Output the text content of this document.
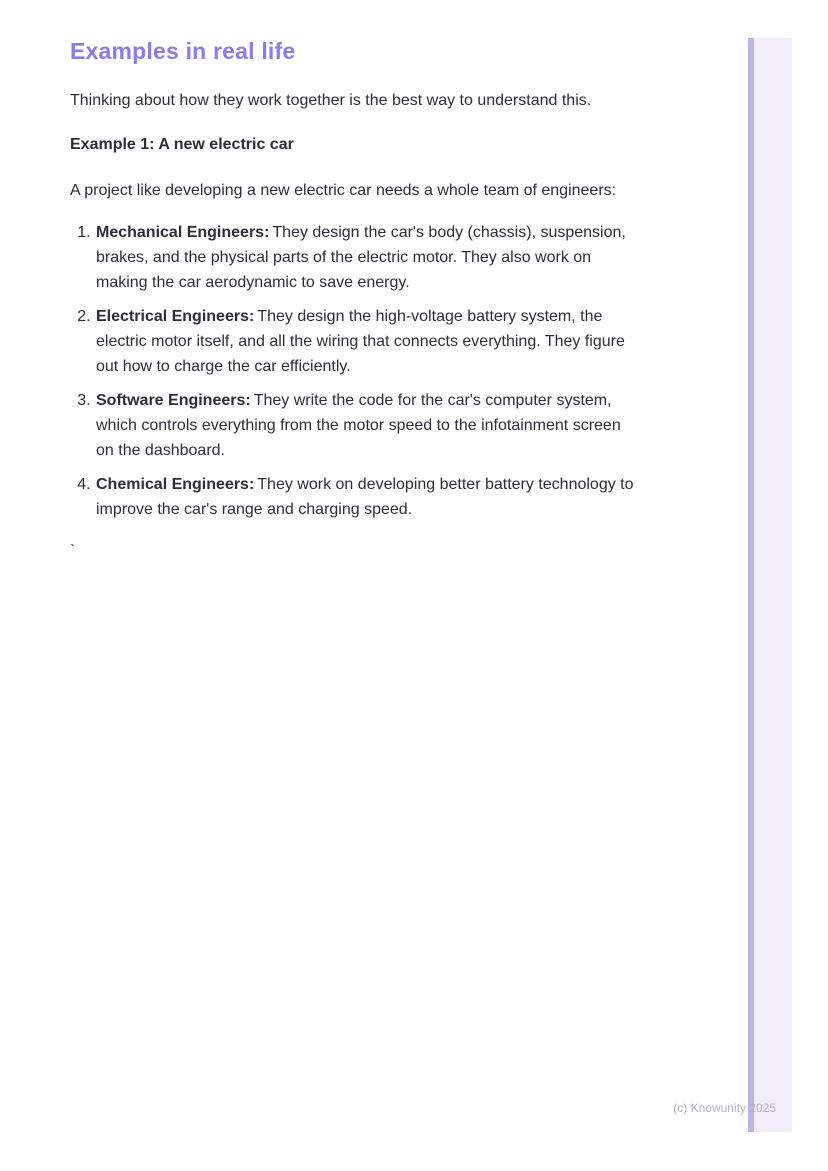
Examples in real life

Thinking about how they work together is the best way to understand this.

Example 1: A new electric car

A project like developing a new electric car needs a whole team of engineers:

1. Mechanical Engineers: They design the car's body (chassis), suspension, brakes, and the physical parts of the electric motor. They also work on making the car aerodynamic to save energy.
2. Electrical Engineers: They design the high-voltage battery system, the electric motor itself, and all the wiring that connects everything. They figure out how to charge the car efficiently.
3. Software Engineers: They write the code for the car's computer system, which controls everything from the motor speed to the infotainment screen on the dashboard.
4. Chemical Engineers: They work on developing better battery technology to improve the car's range and charging speed.
`
(c) Knowunity 2025
